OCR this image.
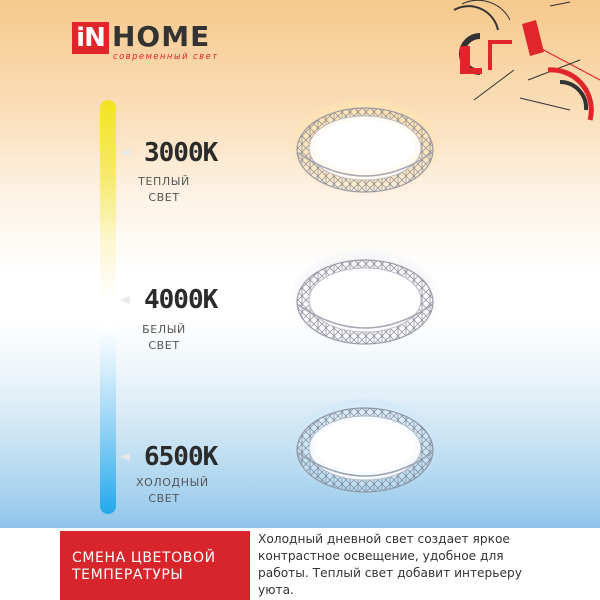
iN HOME
современный свет
3000K
ТЕПЛЫЙ
СВЕТ
4000K
БЕЛЫЙ
СВЕТ
6500K
ХОЛОДНЫЙ
СВЕТ
СМЕНА ЦВЕТОВОЙ
ТЕМПЕРАТУРЫ
Холодный дневной свет создает яркое контрастное освещение, удобное для работы. Теплый свет добавит интерьеру уюта.
